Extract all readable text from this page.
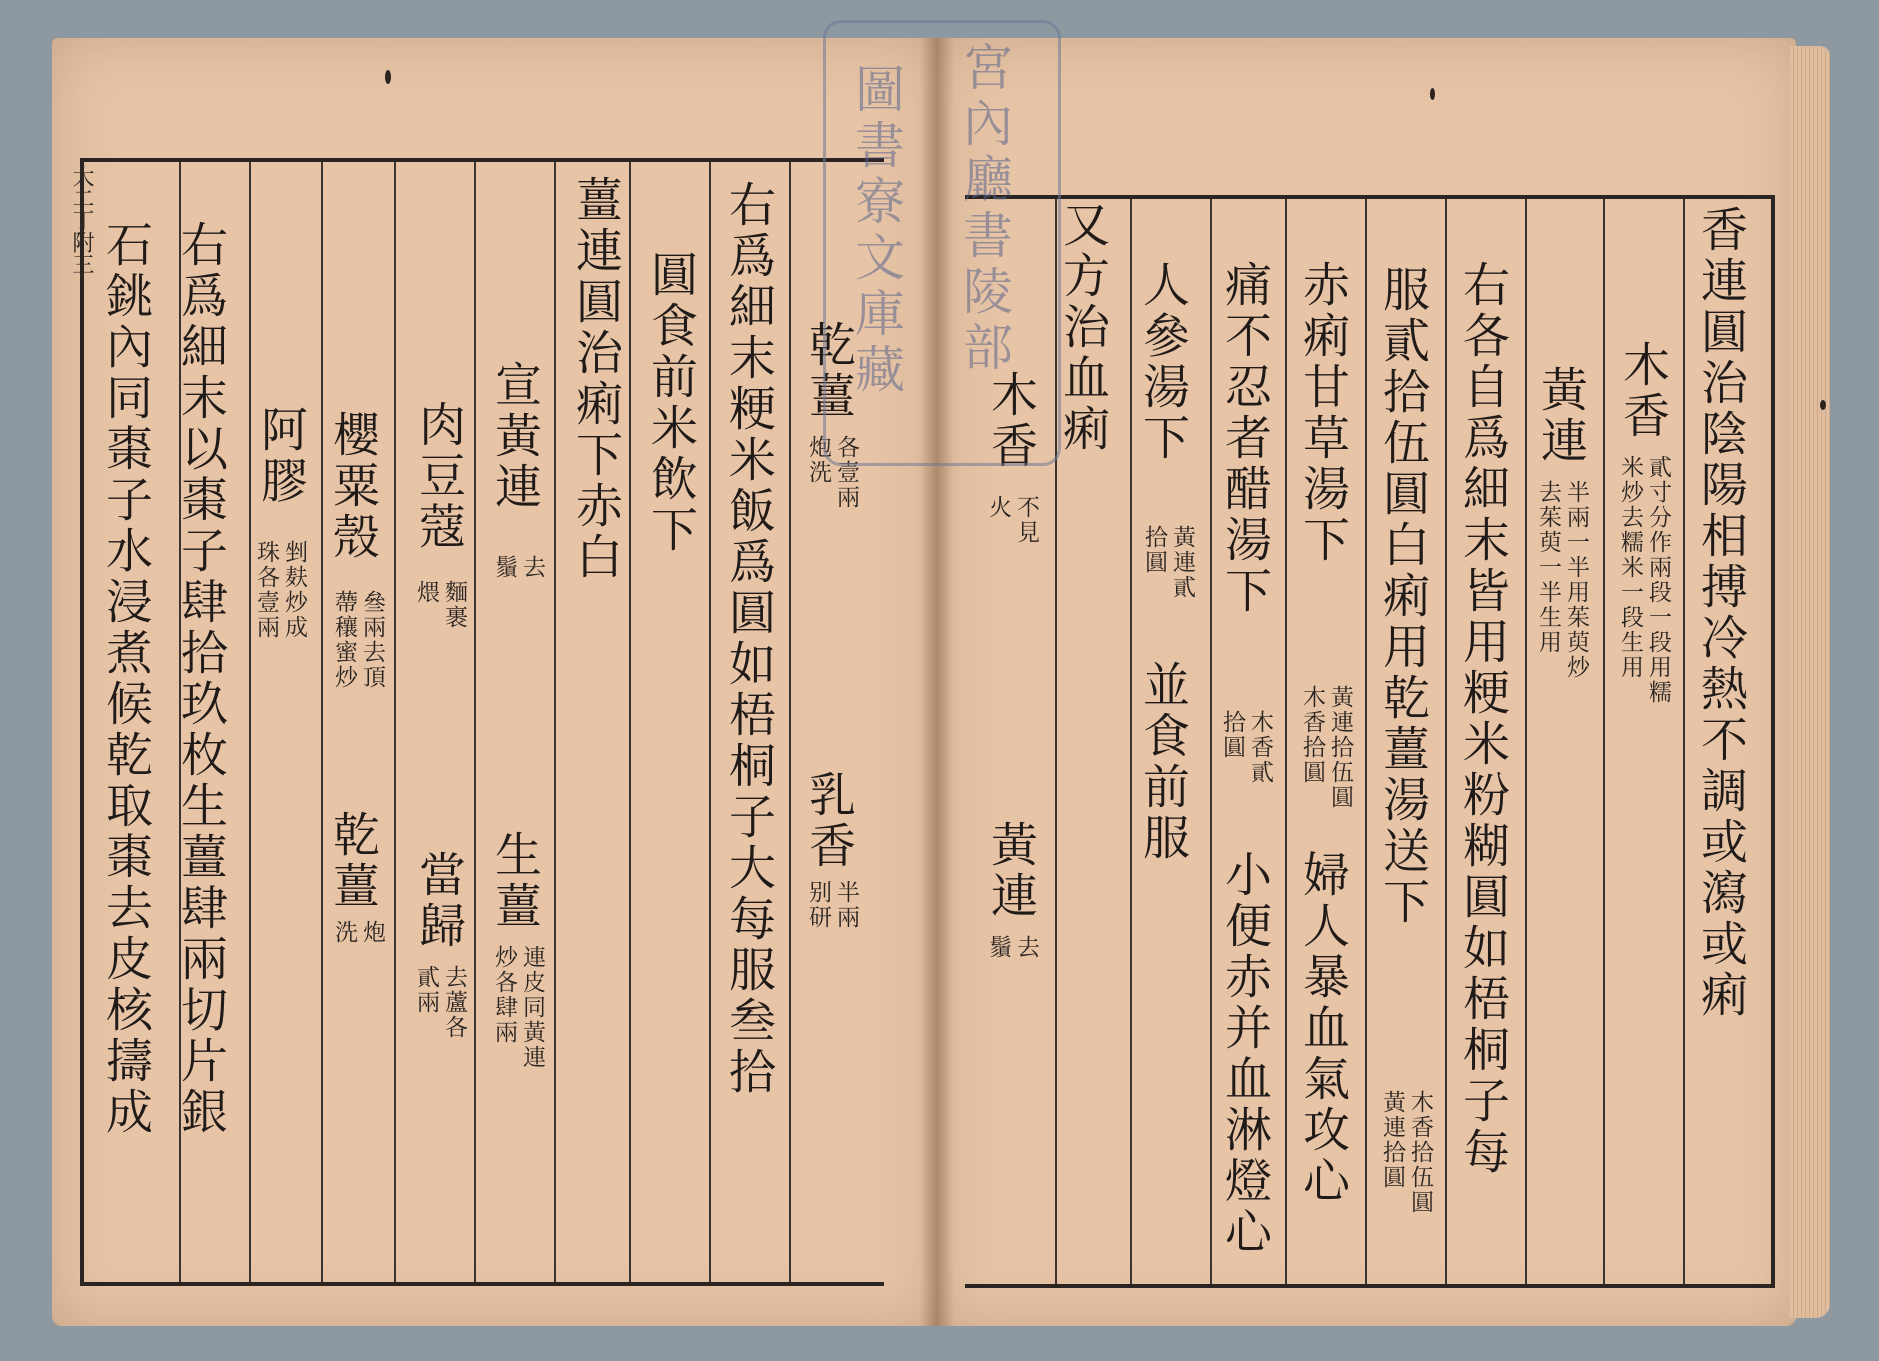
大二丁附三	右爲細末粳米飯爲圓如梧桐子大每服叁拾 乾薑
各壹兩
炮洗
乳香
半兩
别研
圓食前米飲下
薑連圓治痢下赤白
宣黃連
去
鬚
生薑
連皮同黃連
炒各肆兩
肉豆蔻
麵裹
煨
當歸
去蘆各
貳兩
櫻粟殼
叄兩去頂
蔕穰蜜炒
乾薑
炮
洗
阿膠
剉麸炒成
珠各壹兩
右爲細末以棗子肆拾玖枚生薑肆兩切片銀
石銚內同棗子水浸煮候乾取棗去皮核擣成	香連圓治陰陽相搏冷熱不調或瀉或痢
木香
貳寸分作兩段一段用糯
米炒去糯米一段生用
黃連
半兩一半用茱萸炒
去茱萸一半生用
右各自爲細末皆用粳米粉糊圓如梧桐子每
服貳拾伍圓白痢用乾薑湯送下
木香拾伍圓
黃連拾圓
赤痢甘草湯下
黃連拾伍圓
木香拾圓
婦人暴血氣攻心
痛不忍者醋湯下
木香貳
拾圓
小便赤并血淋燈心
人參湯下
黃連貳
拾圓
並食前服
又方治血痢
木香
不見
火
黃連
去
鬚
宮內廳書陵部
圖書寮文庫藏
